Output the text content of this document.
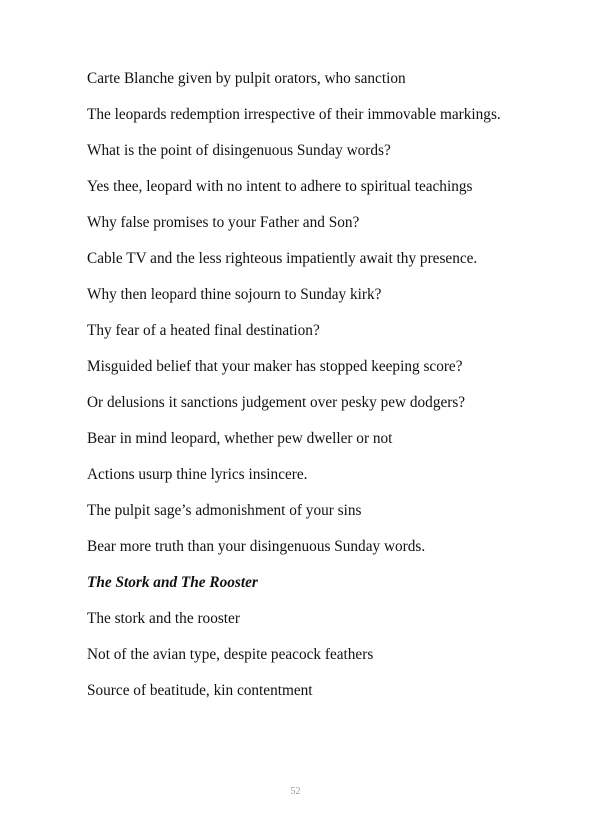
Carte Blanche given by pulpit orators, who sanction

The leopards redemption irrespective of their immovable markings.

What is the point of disingenuous Sunday words?

Yes thee, leopard with no intent to adhere to spiritual teachings

Why false promises to your Father and Son?

Cable TV and the less righteous impatiently await thy presence.

Why then leopard thine sojourn to Sunday kirk?

Thy fear of a heated final destination?

Misguided belief that your maker has stopped keeping score?

Or delusions it sanctions judgement over pesky pew dodgers?

Bear in mind leopard, whether pew dweller or not

Actions usurp thine lyrics insincere.

The pulpit sage’s admonishment of your sins

Bear more truth than your disingenuous Sunday words.

The Stork and The Rooster

The stork and the rooster

Not of the avian type, despite peacock feathers

Source of beatitude, kin contentment

52
